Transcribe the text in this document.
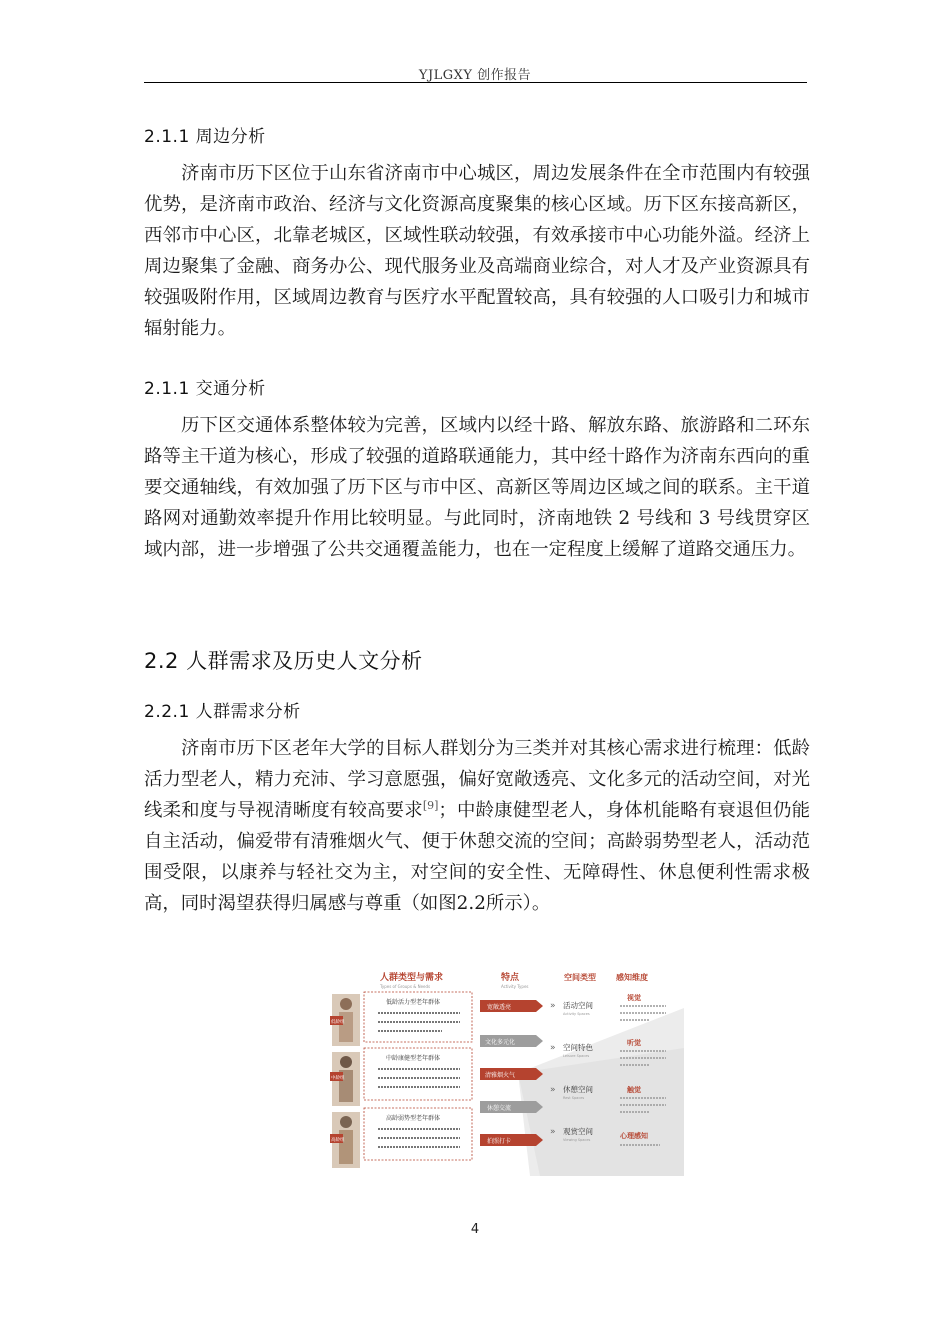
YJLGXY 创作报告
2.1.1 周边分析

济南市历下区位于山东省济南市中心城区，周边发展条件在全市范围内有较强优势，是济南市政治、经济与文化资源高度聚集的核心区域。历下区东接高新区，西邻市中心区，北靠老城区，区域性联动较强，有效承接市中心功能外溢。经济上周边聚集了金融、商务办公、现代服务业及高端商业综合，对人才及产业资源具有较强吸附作用，区域周边教育与医疗水平配置较高，具有较强的人口吸引力和城市辐射能力。

2.1.1 交通分析

历下区交通体系整体较为完善，区域内以经十路、解放东路、旅游路和二环东路等主干道为核心，形成了较强的道路联通能力，其中经十路作为济南东西向的重要交通轴线，有效加强了历下区与市中区、高新区等周边区域之间的联系。主干道路网对通勤效率提升作用比较明显。与此同时，济南地铁 2 号线和 3 号线贯穿区域内部，进一步增强了公共交通覆盖能力，也在一定程度上缓解了道路交通压力。

2.2 人群需求及历史人文分析
2.2.1 人群需求分析

济南市历下区老年大学的目标人群划分为三类并对其核心需求进行梳理：低龄活力型老人，精力充沛、学习意愿强，偏好宽敞透亮、文化多元的活动空间，对光线柔和度与导视清晰度有较高要求[9]；中龄康健型老人，身体机能略有衰退但仍能自主活动，偏爱带有清雅烟火气、便于休憩交流的空间；高龄弱势型老人，活动范围受限，以康养与轻社交为主，对空间的安全性、无障碍性、休息便利性需求极高，同时渴望获得归属感与尊重（如图2.2所示）。

人群类型与需求
Types of Groups & Needs
特点
Activity Types
空间类型	感知维度
低龄组
低龄活力型老年群体
中龄组
中龄康健型老年群体
高龄组
高龄弱势型老年群体
宽敞透亮
文化多元化
清雅烟火气
休憩交流
拍照打卡
» 活动空间
Activity Spaces
» 空间特色
Leisure Spaces
» 休憩空间
Rest Spaces
» 观赏空间
Viewing Spaces
视觉
听觉
触觉
心理感知
4
